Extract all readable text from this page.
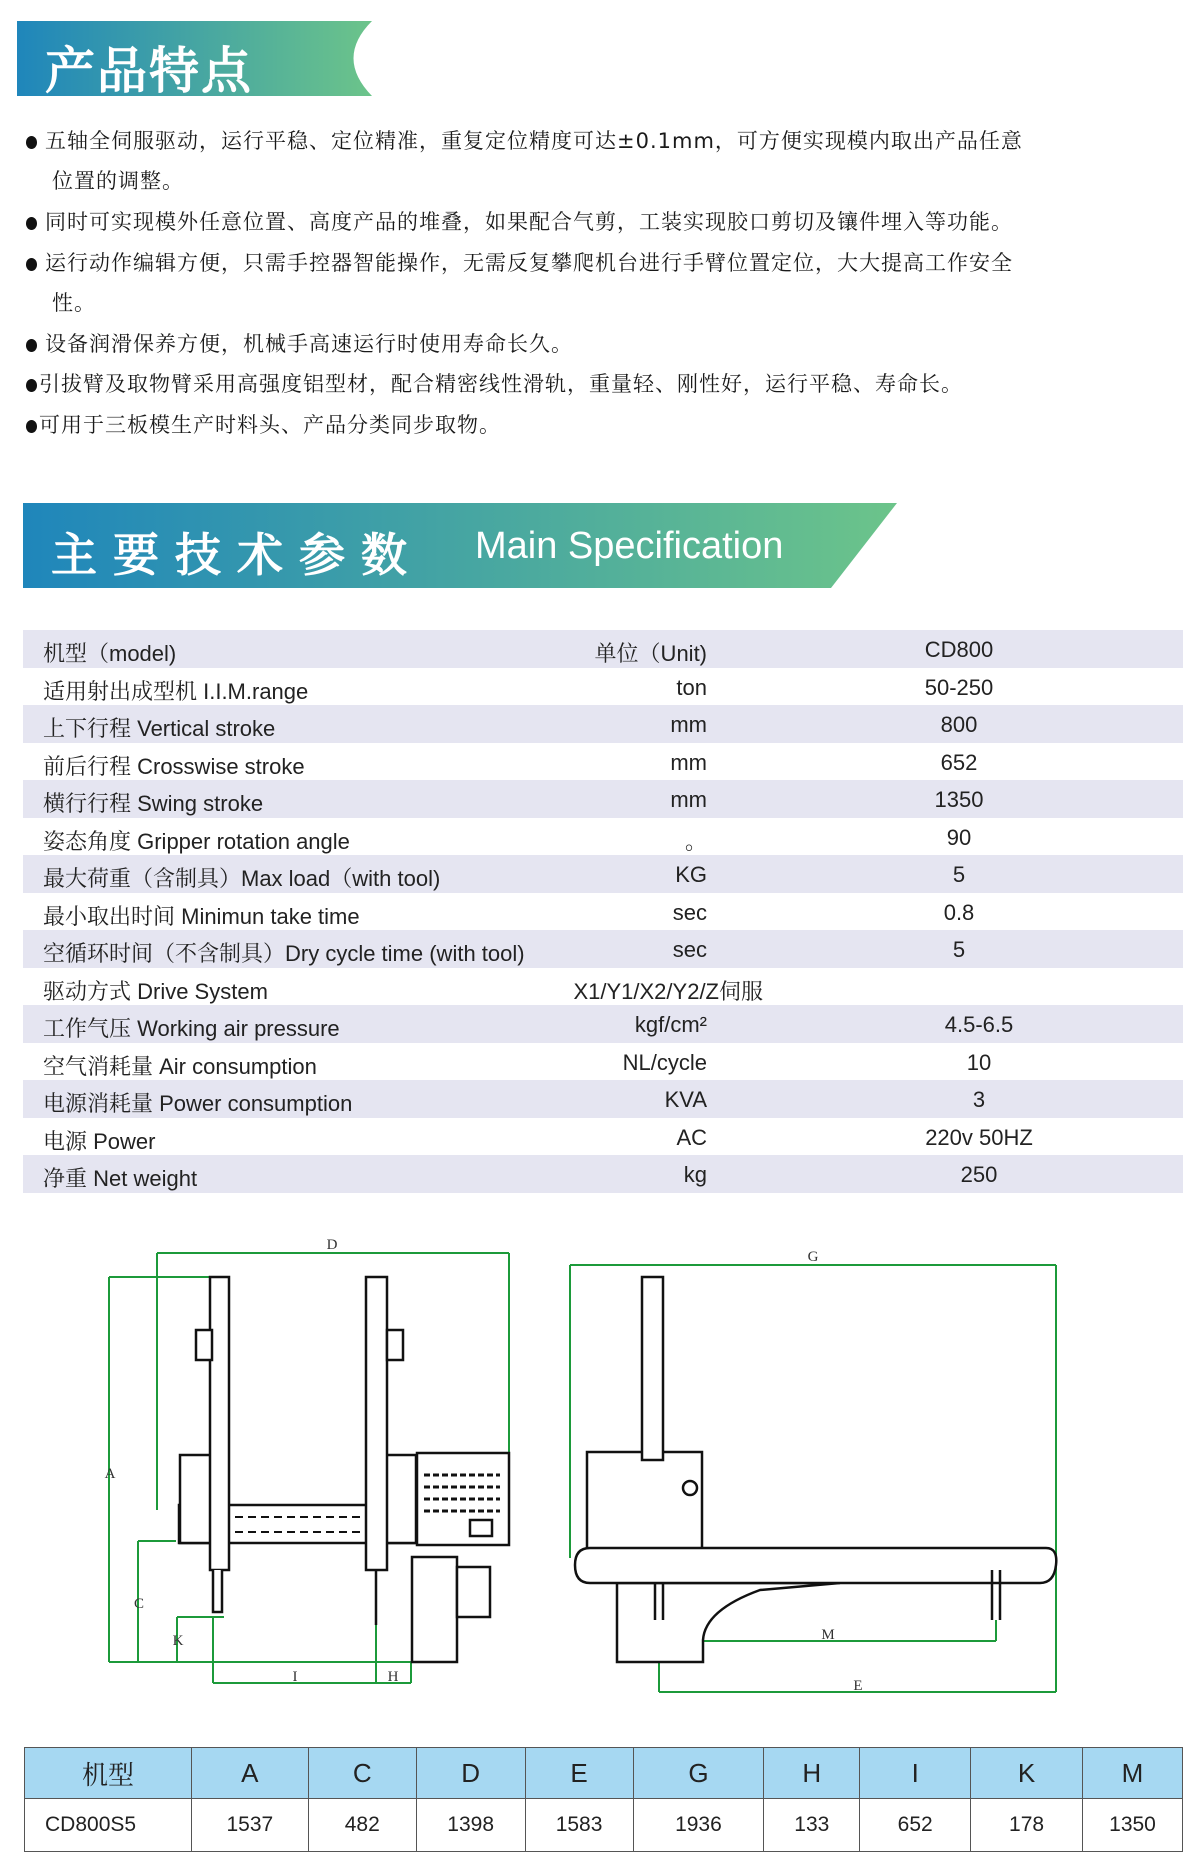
产品特点
五轴全伺服驱动，运行平稳、定位精准，重复定位精度可达±0.1mm，可方便实现模内取出产品任意
位置的调整。
同时可实现模外任意位置、高度产品的堆叠，如果配合气剪，工装实现胶口剪切及镶件埋入等功能。
运行动作编辑方便，只需手控器智能操作，无需反复攀爬机台进行手臂位置定位，大大提高工作安全
性。
设备润滑保养方便，机械手高速运行时使用寿命长久。
引拔臂及取物臂采用高强度铝型材，配合精密线性滑轨，重量轻、刚性好，运行平稳、寿命长。
可用于三板模生产时料头、产品分类同步取物。
主要技术参数 Main Specification
机型（model)	单位（Unit)	CD800
适用射出成型机 I.I.M.range	ton	50-250
上下行程 Vertical stroke	mm	800
前后行程 Crosswise stroke	mm	652
横行行程 Swing stroke	mm	1350
姿态角度 Gripper rotation angle	。	90
最大荷重（含制具）Max load（with tool)	KG	5
最小取出时间 Minimun take time	sec	0.8
空循环时间（不含制具）Dry cycle time (with tool)	sec	5
驱动方式 Drive System	X1/Y1/X2/Y2/Z伺服
工作气压 Working air pressure	kgf/cm²	4.5-6.5
空气消耗量 Air consumption	NL/cycle	10
电源消耗量 Power consumption	KVA	3
电源 Power	AC	220v 50HZ
净重 Net weight	kg	250
D
A
C
K
I	H
G
M
E
机型	A	C	D	E	G	H	I	K	M
CD800S5	1537	482	1398	1583	1936	133	652	178	1350
